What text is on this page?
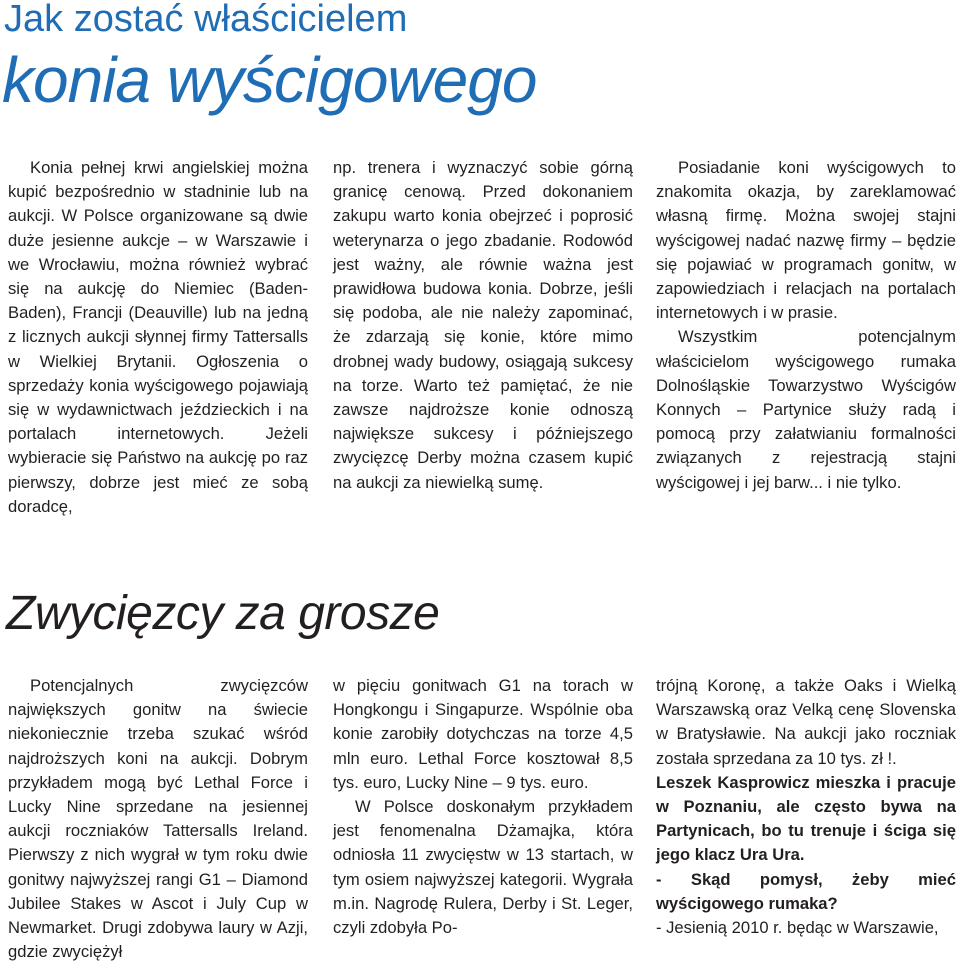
Jak zostać właścicielem
konia wyścigowego

Konia pełnej krwi angielskiej można kupić bezpośrednio w stadninie lub na aukcji. W Polsce organizowane są dwie duże jesienne aukcje – w Warszawie i we Wrocławiu, można również wybrać się na aukcję do Niemiec (Baden-Baden), Francji (Deauville) lub na jedną z licznych aukcji słynnej firmy Tattersalls w Wielkiej Brytanii. Ogłoszenia o sprzedaży konia wyścigowego pojawiają się w wydawnictwach jeździeckich i na portalach internetowych. Jeżeli wybieracie się Państwo na aukcję po raz pierwszy, dobrze jest mieć ze sobą doradcę,

np. trenera i wyznaczyć sobie górną granicę cenową. Przed dokonaniem zakupu warto konia obejrzeć i poprosić weterynarza o jego zbadanie. Rodowód jest ważny, ale równie ważna jest prawidłowa budowa konia. Dobrze, jeśli się podoba, ale nie należy zapominać, że zdarzają się konie, które mimo drobnej wady budowy, osiągają sukcesy na torze. Warto też pamiętać, że nie zawsze najdroższe konie odnoszą największe sukcesy i późniejszego zwycięzcę Derby można czasem kupić na aukcji za niewielką sumę.

Posiadanie koni wyścigowych to znakomita okazja, by zareklamować własną firmę. Można swojej stajni wyścigowej nadać nazwę firmy – będzie się pojawiać w programach gonitw, w zapowiedziach i relacjach na portalach internetowych i w prasie.

Wszystkim potencjalnym właścicielom wyścigowego rumaka Dolnośląskie Towarzystwo Wyścigów Konnych – Partynice służy radą i pomocą przy załatwianiu formalności związanych z rejestracją stajni wyścigowej i jej barw... i nie tylko.

Zwycięzcy za grosze

Potencjalnych zwycięzców największych gonitw na świecie niekoniecznie trzeba szukać wśród najdroższych koni na aukcji. Dobrym przykładem mogą być Lethal Force i Lucky Nine sprzedane na jesiennej aukcji roczniaków Tattersalls Ireland. Pierwszy z nich wygrał w tym roku dwie gonitwy najwyższej rangi G1 – Diamond Jubilee Stakes w Ascot i July Cup w Newmarket. Drugi zdobywa laury w Azji, gdzie zwyciężył

w pięciu gonitwach G1 na torach w Hongkongu i Singapurze. Wspólnie oba konie zarobiły dotychczas na torze 4,5 mln euro. Lethal Force kosztował 8,5 tys. euro, Lucky Nine – 9 tys. euro.

W Polsce doskonałym przykładem jest fenomenalna Dżamajka, która odniosła 11 zwycięstw w 13 startach, w tym osiem najwyższej kategorii. Wygrała m.in. Nagrodę Rulera, Derby i St. Leger, czyli zdobyła Po-

trójną Koronę, a także Oaks i Wielką Warszawską oraz Velką cenę Slovenska w Bratysławie. Na aukcji jako roczniak została sprzedana za 10 tys. zł !.

Leszek Kasprowicz mieszka i pracuje w Poznaniu, ale często bywa na Partynicach, bo tu trenuje i ściga się jego klacz Ura Ura.

- Skąd pomysł, żeby mieć wyścigowego rumaka?

- Jesienią 2010 r. będąc w Warszawie,
